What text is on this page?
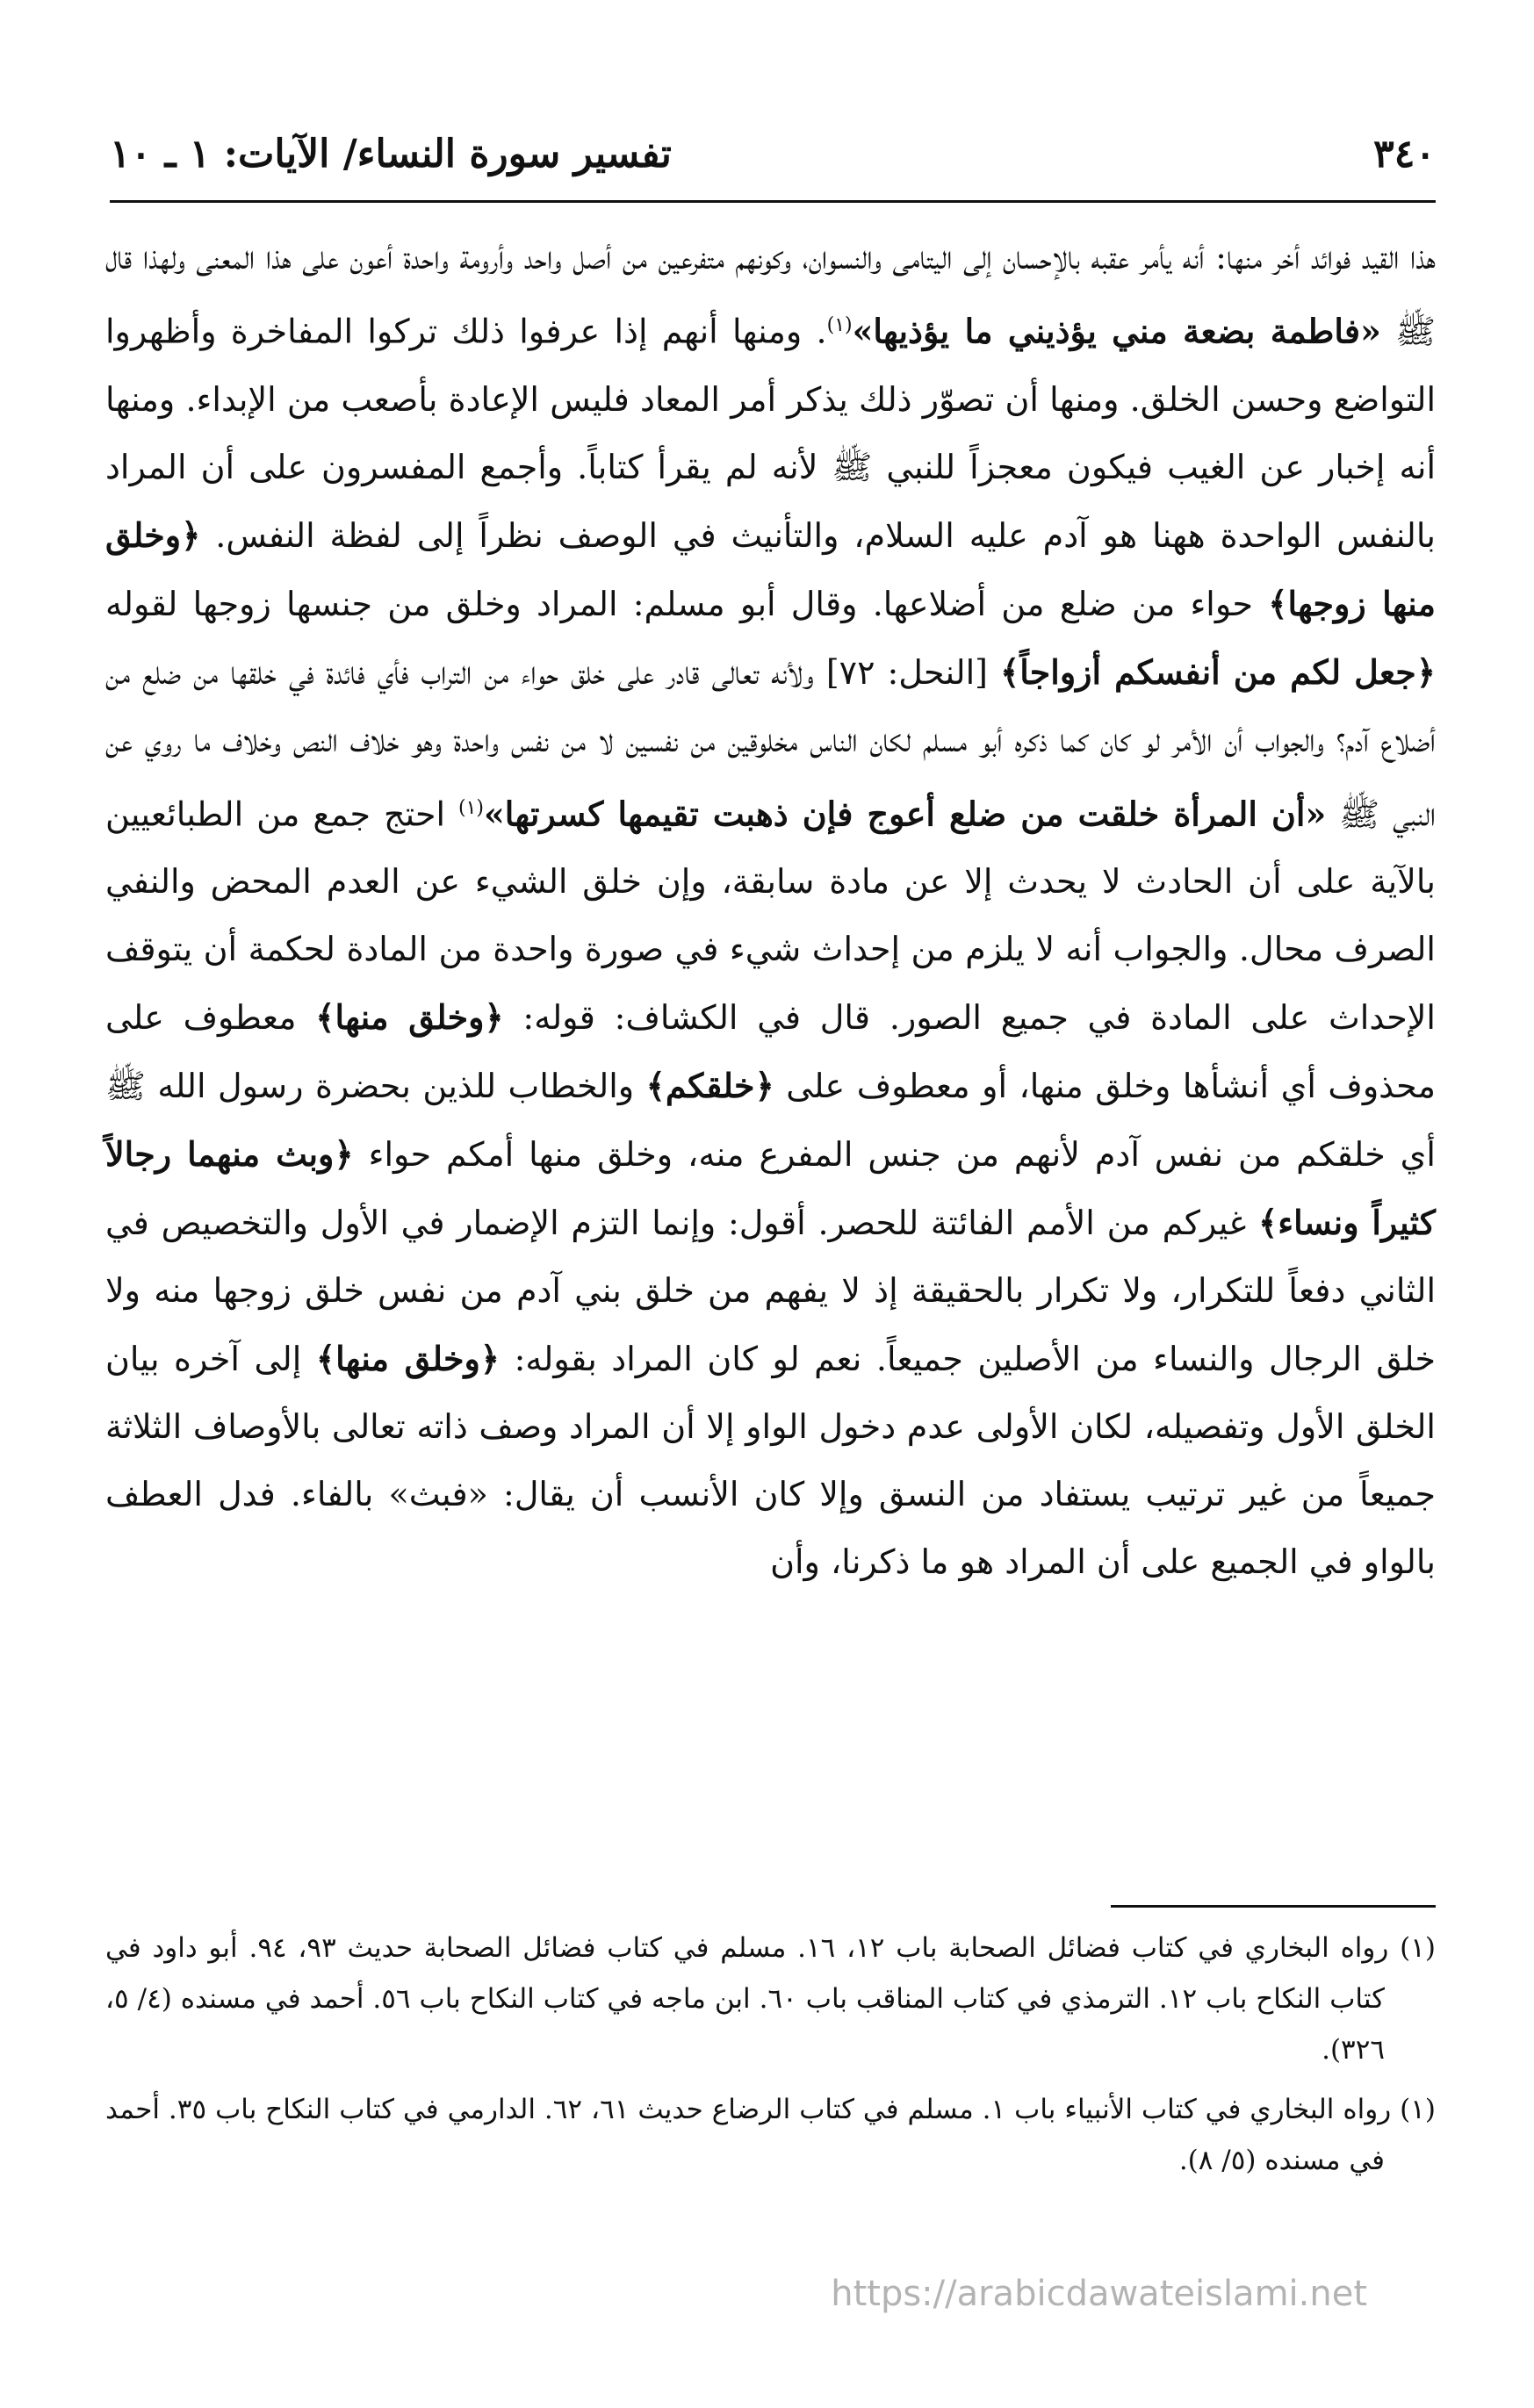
٣٤٠
تفسير سورة النساء/ الآيات: ١ ـ ١٠

هذا القيد فوائد أخر منها: أنه يأمر عقبه بالإحسان إلى اليتامى والنسوان، وكونهم متفرعين من أصل واحد وأرومة واحدة أعون على هذا المعنى ولهذا قال ﷺ «فاطمة بضعة مني يؤذيني ما يؤذيها»$^{(١)}$. ومنها أنهم إذا عرفوا ذلك تركوا المفاخرة وأظهروا التواضع وحسن الخلق. ومنها أن تصوّر ذلك يذكر أمر المعاد فليس الإعادة بأصعب من الإبداء. ومنها أنه إخبار عن الغيب فيكون معجزاً للنبي ﷺ لأنه لم يقرأ كتاباً. وأجمع المفسرون على أن المراد بالنفس الواحدة ههنا هو آدم عليه السلام، والتأنيث في الوصف نظراً إلى لفظة النفس. ﴿وخلق منها زوجها﴾ حواء من ضلع من أضلاعها. وقال أبو مسلم: المراد وخلق من جنسها زوجها لقوله ﴿جعل لكم من أنفسكم أزواجاً﴾ [النحل: ٧٢] ولأنه تعالى قادر على خلق حواء من التراب فأي فائدة في خلقها من ضلع من أضلاع آدم؟ والجواب أن الأمر لو كان كما ذكره أبو مسلم لكان الناس مخلوقين من نفسين لا من نفس واحدة وهو خلاف النص وخلاف ما روي عن النبي ﷺ «أن المرأة خلقت من ضلع أعوج فإن ذهبت تقيمها كسرتها»$^{(١)}$ احتج جمع من الطبائعيين بالآية على أن الحادث لا يحدث إلا عن مادة سابقة، وإن خلق الشيء عن العدم المحض والنفي الصرف محال. والجواب أنه لا يلزم من إحداث شيء في صورة واحدة من المادة لحكمة أن يتوقف الإحداث على المادة في جميع الصور. قال في الكشاف: قوله: ﴿وخلق منها﴾ معطوف على محذوف أي أنشأها وخلق منها، أو معطوف على ﴿خلقكم﴾ والخطاب للذين بحضرة رسول الله ﷺ أي خلقكم من نفس آدم لأنهم من جنس المفرع منه، وخلق منها أمكم حواء ﴿وبث منهما رجالاً كثيراً ونساء﴾ غيركم من الأمم الفائتة للحصر. أقول: وإنما التزم الإضمار في الأول والتخصيص في الثاني دفعاً للتكرار، ولا تكرار بالحقيقة إذ لا يفهم من خلق بني آدم من نفس خلق زوجها منه ولا خلق الرجال والنساء من الأصلين جميعاً. نعم لو كان المراد بقوله: ﴿وخلق منها﴾ إلى آخره بيان الخلق الأول وتفصيله، لكان الأولى عدم دخول الواو إلا أن المراد وصف ذاته تعالى بالأوصاف الثلاثة جميعاً من غير ترتيب يستفاد من النسق وإلا كان الأنسب أن يقال: «فبث» بالفاء. فدل العطف بالواو في الجميع على أن المراد هو ما ذكرنا، وأن

(١) رواه البخاري في كتاب فضائل الصحابة باب ١٢، ١٦. مسلم في كتاب فضائل الصحابة حديث ٩٣، ٩٤. أبو داود في كتاب النكاح باب ١٢. الترمذي في كتاب المناقب باب ٦٠. ابن ماجه في كتاب النكاح باب ٥٦. أحمد في مسنده (٤/ ٥، ٣٢٦).

(١) رواه البخاري في كتاب الأنبياء باب ١. مسلم في كتاب الرضاع حديث ٦١، ٦٢. الدارمي في كتاب النكاح باب ٣٥. أحمد في مسنده (٥/ ٨).

https://arabicdawateislami.net
